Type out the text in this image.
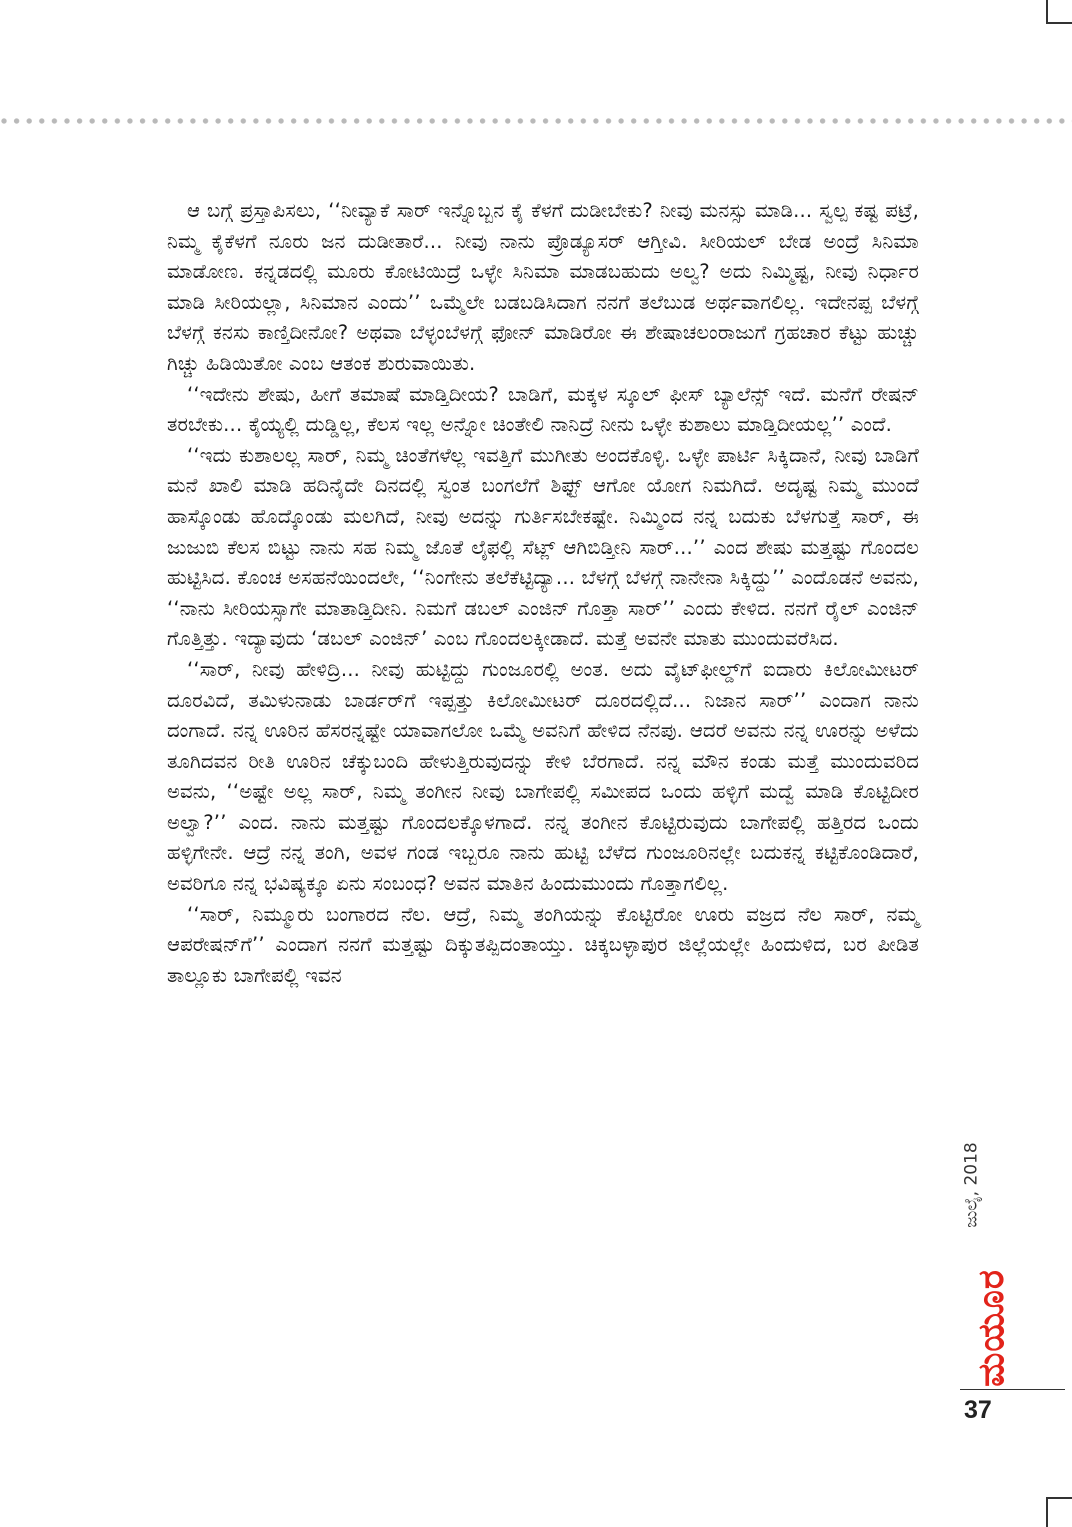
ಆ ಬಗ್ಗೆ ಪ್ರಸ್ತಾಪಿಸಲು, ‘‘ನೀವ್ಯಾಕೆ ಸಾರ್ ಇನ್ನೊಬ್ಬನ ಕೈ ಕೆಳಗೆ ದುಡೀಬೇಕು? ನೀವು ಮನಸ್ಸು ಮಾಡಿ... ಸ್ವಲ್ಪ ಕಷ್ಟ ಪಟ್ರೆ, ನಿಮ್ಮ ಕೈಕೆಳಗೆ ನೂರು ಜನ ದುಡೀತಾರೆ... ನೀವು ನಾನು ಪ್ರೊಡ್ಯೂಸರ್ ಆಗ್ತೀವಿ. ಸೀರಿಯಲ್ ಬೇಡ ಅಂದ್ರೆ ಸಿನಿಮಾ ಮಾಡೋಣ. ಕನ್ನಡದಲ್ಲಿ ಮೂರು ಕೋಟಿಯಿದ್ರೆ ಒಳ್ಳೇ ಸಿನಿಮಾ ಮಾಡಬಹುದು ಅಲ್ವ? ಅದು ನಿಮ್ಮಿಷ್ಟ, ನೀವು ನಿರ್ಧಾರ ಮಾಡಿ ಸೀರಿಯಲ್ಲಾ, ಸಿನಿಮಾನ ಎಂದು’’ ಒಮ್ಮೆಲೇ ಬಡಬಡಿಸಿದಾಗ ನನಗೆ ತಲೆಬುಡ ಅರ್ಥವಾಗಲಿಲ್ಲ. ಇದೇನಪ್ಪ ಬೆಳಗ್ಗೆ ಬೆಳಗ್ಗೆ ಕನಸು ಕಾಣ್ತಿದೀನೋ? ಅಥವಾ ಬೆಳ್ಳಂಬೆಳಗ್ಗೆ ಫೋನ್ ಮಾಡಿರೋ ಈ ಶೇಷಾಚಲಂರಾಜುಗೆ ಗ್ರಹಚಾರ ಕೆಟ್ಟು ಹುಚ್ಚು ಗಿಚ್ಚು ಹಿಡಿಯಿತೋ ಎಂಬ ಆತಂಕ ಶುರುವಾಯಿತು.

‘‘ಇದೇನು ಶೇಷು, ಹೀಗೆ ತಮಾಷೆ ಮಾಡ್ತಿದೀಯ? ಬಾಡಿಗೆ, ಮಕ್ಕಳ ಸ್ಕೂಲ್ ಫೀಸ್ ಬ್ಯಾಲೆನ್ಸ್ ಇದೆ. ಮನೆಗೆ ರೇಷನ್ ತರಬೇಕು... ಕೈಯ್ಯಲ್ಲಿ ದುಡ್ಡಿಲ್ಲ, ಕೆಲಸ ಇಲ್ಲ ಅನ್ನೋ ಚಿಂತೇಲಿ ನಾನಿದ್ರೆ ನೀನು ಒಳ್ಳೇ ಕುಶಾಲು ಮಾಡ್ತಿದೀಯಲ್ಲ’’ ಎಂದೆ.

‘‘ಇದು ಕುಶಾಲಲ್ಲ ಸಾರ್, ನಿಮ್ಮ ಚಿಂತೆಗಳೆಲ್ಲ ಇವತ್ತಿಗೆ ಮುಗೀತು ಅಂದಕೊಳ್ಳಿ. ಒಳ್ಳೇ ಪಾರ್ಟಿ ಸಿಕ್ಕಿದಾನೆ, ನೀವು ಬಾಡಿಗೆ ಮನೆ ಖಾಲಿ ಮಾಡಿ ಹದಿನೈದೇ ದಿನದಲ್ಲಿ ಸ್ವಂತ ಬಂಗಲೆಗೆ ಶಿಫ್ಟ್ ಆಗೋ ಯೋಗ ನಿಮಗಿದೆ. ಅದೃಷ್ಟ ನಿಮ್ಮ ಮುಂದೆ ಹಾಸ್ಕೊಂಡು ಹೊದ್ಕೊಂಡು ಮಲಗಿದೆ, ನೀವು ಅದನ್ನು ಗುರ್ತಿಸಬೇಕಷ್ಟೇ. ನಿಮ್ಮಿಂದ ನನ್ನ ಬದುಕು ಬೆಳಗುತ್ತೆ ಸಾರ್, ಈ ಜುಜುಬಿ ಕೆಲಸ ಬಿಟ್ಟು ನಾನು ಸಹ ನಿಮ್ಮ ಜೊತೆ ಲೈಫಲ್ಲಿ ಸೆಟ್ಲ್ ಆಗಿಬಿಡ್ತೀನಿ ಸಾರ್...’’ ಎಂದ ಶೇಷು ಮತ್ತಷ್ಟು ಗೊಂದಲ ಹುಟ್ಟಿಸಿದ. ಕೊಂಚ ಅಸಹನೆಯಿಂದಲೇ, ‘‘ನಿಂಗೇನು ತಲೆಕೆಟ್ಟಿದ್ಯಾ... ಬೆಳಗ್ಗೆ ಬೆಳಗ್ಗೆ ನಾನೇನಾ ಸಿಕ್ಕಿದ್ದು’’ ಎಂದೊಡನೆ ಅವನು, ‘‘ನಾನು ಸೀರಿಯಸ್ಸಾಗೇ ಮಾತಾಡ್ತಿದೀನಿ. ನಿಮಗೆ ಡಬಲ್ ಎಂಜಿನ್ ಗೊತ್ತಾ ಸಾರ್’’ ಎಂದು ಕೇಳಿದ. ನನಗೆ ರೈಲ್ ಎಂಜಿನ್ ಗೊತ್ತಿತ್ತು. ಇದ್ಯಾವುದು ‘ಡಬಲ್ ಎಂಜಿನ್’ ಎಂಬ ಗೊಂದಲಕ್ಕೀಡಾದೆ. ಮತ್ತೆ ಅವನೇ ಮಾತು ಮುಂದುವರೆಸಿದ.

‘‘ಸಾರ್, ನೀವು ಹೇಳಿದ್ರಿ... ನೀವು ಹುಟ್ಟಿದ್ದು ಗುಂಜೂರಲ್ಲಿ ಅಂತ. ಅದು ವೈಟ್‌ಫೀಲ್ಡ್‌ಗೆ ಐದಾರು ಕಿಲೋಮೀಟರ್ ದೂರವಿದೆ, ತಮಿಳುನಾಡು ಬಾರ್ಡರ್‌ಗೆ ಇಪ್ಪತ್ತು ಕಿಲೋಮೀಟರ್ ದೂರದಲ್ಲಿದೆ... ನಿಜಾನ ಸಾರ್’’ ಎಂದಾಗ ನಾನು ದಂಗಾದೆ. ನನ್ನ ಊರಿನ ಹೆಸರನ್ನಷ್ಟೇ ಯಾವಾಗಲೋ ಒಮ್ಮೆ ಅವನಿಗೆ ಹೇಳಿದ ನೆನಪು. ಆದರೆ ಅವನು ನನ್ನ ಊರನ್ನು ಅಳೆದು ತೂಗಿದವನ ರೀತಿ ಊರಿನ ಚೆಕ್ಕುಬಂದಿ ಹೇಳುತ್ತಿರುವುದನ್ನು ಕೇಳಿ ಬೆರಗಾದೆ. ನನ್ನ ಮೌನ ಕಂಡು ಮತ್ತೆ ಮುಂದುವರಿದ ಅವನು, ‘‘ಅಷ್ಟೇ ಅಲ್ಲ ಸಾರ್, ನಿಮ್ಮ ತಂಗೀನ ನೀವು ಬಾಗೇಪಲ್ಲಿ ಸಮೀಪದ ಒಂದು ಹಳ್ಳಿಗೆ ಮದ್ವೆ ಮಾಡಿ ಕೊಟ್ಟಿದೀರ ಅಲ್ವಾ?’’ ಎಂದ. ನಾನು ಮತ್ತಷ್ಟು ಗೊಂದಲಕ್ಕೊಳಗಾದೆ. ನನ್ನ ತಂಗೀನ ಕೊಟ್ಟಿರುವುದು ಬಾಗೇಪಲ್ಲಿ ಹತ್ತಿರದ ಒಂದು ಹಳ್ಳಿಗೇನೇ. ಆದ್ರೆ ನನ್ನ ತಂಗಿ, ಅವಳ ಗಂಡ ಇಬ್ಬರೂ ನಾನು ಹುಟ್ಟಿ ಬೆಳೆದ ಗುಂಜೂರಿನಲ್ಲೇ ಬದುಕನ್ನ ಕಟ್ಟಿಕೊಂಡಿದಾರೆ, ಅವರಿಗೂ ನನ್ನ ಭವಿಷ್ಯಕ್ಕೂ ಏನು ಸಂಬಂಧ? ಅವನ ಮಾತಿನ ಹಿಂದುಮುಂದು ಗೊತ್ತಾಗಲಿಲ್ಲ.

‘‘ಸಾರ್, ನಿಮ್ಮೂರು ಬಂಗಾರದ ನೆಲ. ಆದ್ರೆ, ನಿಮ್ಮ ತಂಗಿಯನ್ನು ಕೊಟ್ಟಿರೋ ಊರು ವಜ್ರದ ನೆಲ ಸಾರ್, ನಮ್ಮ ಆಪರೇಷನ್‌ಗೆ’’ ಎಂದಾಗ ನನಗೆ ಮತ್ತಷ್ಟು ದಿಕ್ಕುತಪ್ಪಿದಂತಾಯ್ತು. ಚಿಕ್ಕಬಳ್ಳಾಪುರ ಜಿಲ್ಲೆಯಲ್ಲೇ ಹಿಂದುಳಿದ, ಬರ ಪೀಡಿತ ತಾಲ್ಲೂಕು ಬಾಗೇಪಲ್ಲಿ ಇವನ

ಜುಲೈ, 2018
ಮಯೂರ
37
